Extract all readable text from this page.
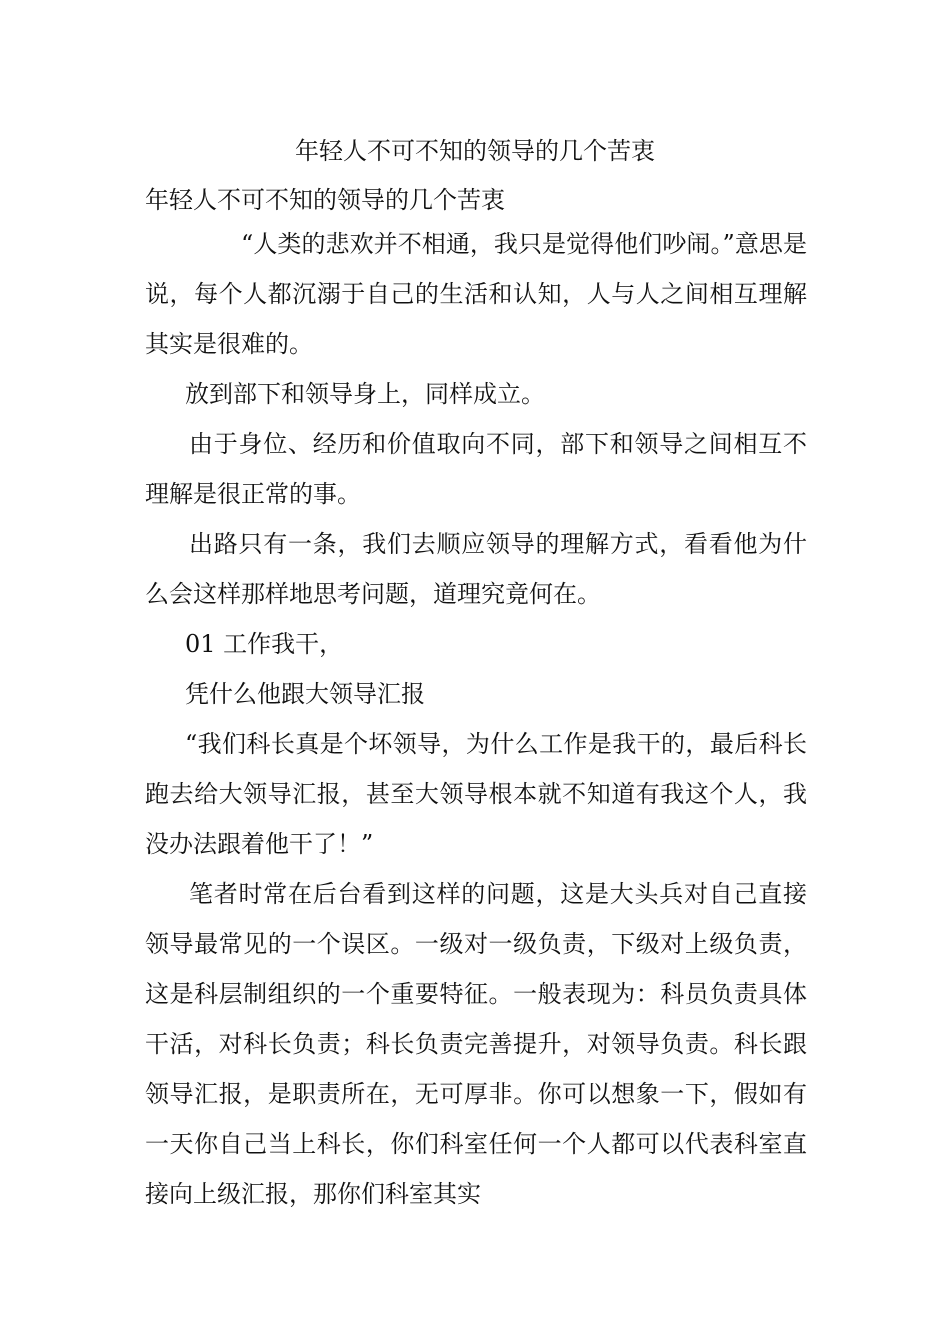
年轻人不可不知的领导的几个苦衷

年轻人不可不知的领导的几个苦衷

“人类的悲欢并不相通，我只是觉得他们吵闹。”意思是说，每个人都沉溺于自己的生活和认知，人与人之间相互理解其实是很难的。

放到部下和领导身上，同样成立。

由于身位、经历和价值取向不同，部下和领导之间相互不理解是很正常的事。

出路只有一条，我们去顺应领导的理解方式，看看他为什么会这样那样地思考问题，道理究竟何在。

01 工作我干，

凭什么他跟大领导汇报

“我们科长真是个坏领导，为什么工作是我干的，最后科长跑去给大领导汇报，甚至大领导根本就不知道有我这个人，我没办法跟着他干了！”

笔者时常在后台看到这样的问题，这是大头兵对自己直接领导最常见的一个误区。一级对一级负责，下级对上级负责，这是科层制组织的一个重要特征。一般表现为：科员负责具体干活，对科长负责；科长负责完善提升，对领导负责。科长跟领导汇报，是职责所在，无可厚非。你可以想象一下，假如有一天你自己当上科长，你们科室任何一个人都可以代表科室直接向上级汇报，那你们科室其实
